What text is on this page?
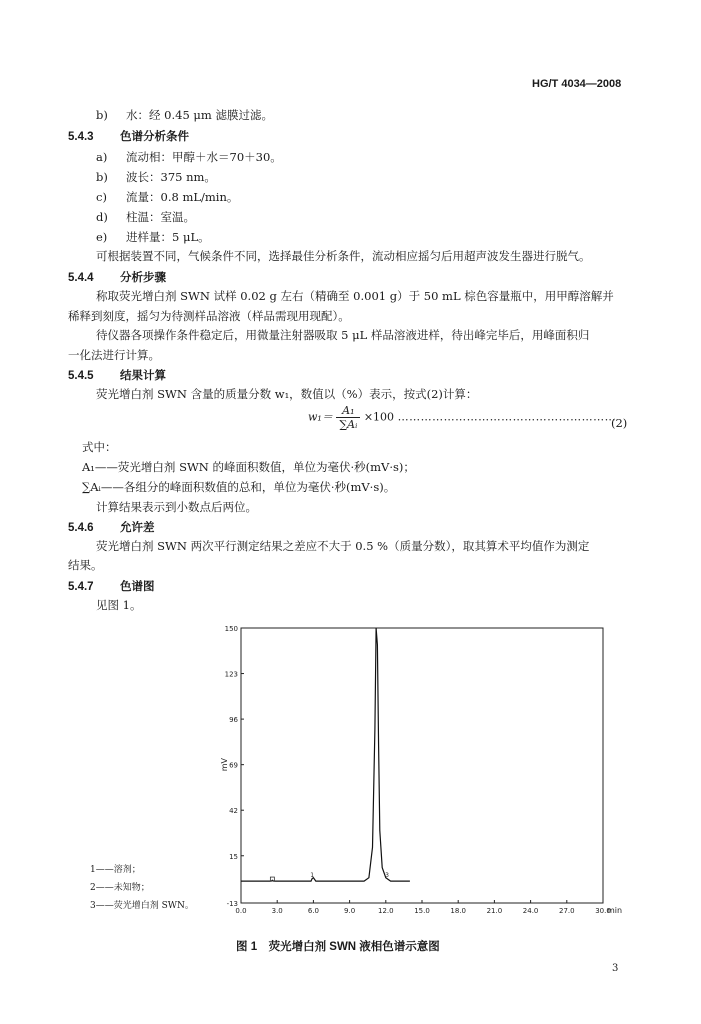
HG/T 4034—2008
b) 水：经 0.45 μm 滤膜过滤。
5.4.3 色谱分析条件
a) 流动相：甲醇＋水＝70＋30。
b) 波长：375 nm。
c) 流量：0.8 mL/min。
d) 柱温：室温。
e) 进样量：5 μL。
可根据装置不同，气候条件不同，选择最佳分析条件，流动相应摇匀后用超声波发生器进行脱气。
5.4.4 分析步骤
称取荧光增白剂 SWN 试样 0.02 g 左右（精确至 0.001 g）于 50 mL 棕色容量瓶中，用甲醇溶解并
稀释到刻度，摇匀为待测样品溶液（样品需现用现配）。
待仪器各项操作条件稳定后，用微量注射器吸取 5 μL 样品溶液进样，待出峰完毕后，用峰面积归
一化法进行计算。
5.4.5 结果计算
荧光增白剂 SWN 含量的质量分数 w₁，数值以（%）表示，按式(2)计算：
$w_1= \frac{\text{A₁}}{\text{∑Aᵢ}} \times 100$ …………………………………………………
(2)
式中：
A₁——荧光增白剂 SWN 的峰面积数值，单位为毫伏·秒(mV·s)；
∑Aᵢ——各组分的峰面积数值的总和，单位为毫伏·秒(mV·s)。
计算结果表示到小数点后两位。
5.4.6 允许差
荧光增白剂 SWN 两次平行测定结果之差应不大于 0.5 %（质量分数），取其算术平均值作为测定
结果。
5.4.7 色谱图
见图 1。
-13
15
42
69
96
123
150
0.0	3.0	6.0	9.0	12.0	15.0	18.0	21.0	24.0	27.0	30.0
1	3
mV
min
1——溶剂；
2——未知物；
3——荧光增白剂 SWN。
图 1　荧光增白剂 SWN 液相色谱示意图
3
